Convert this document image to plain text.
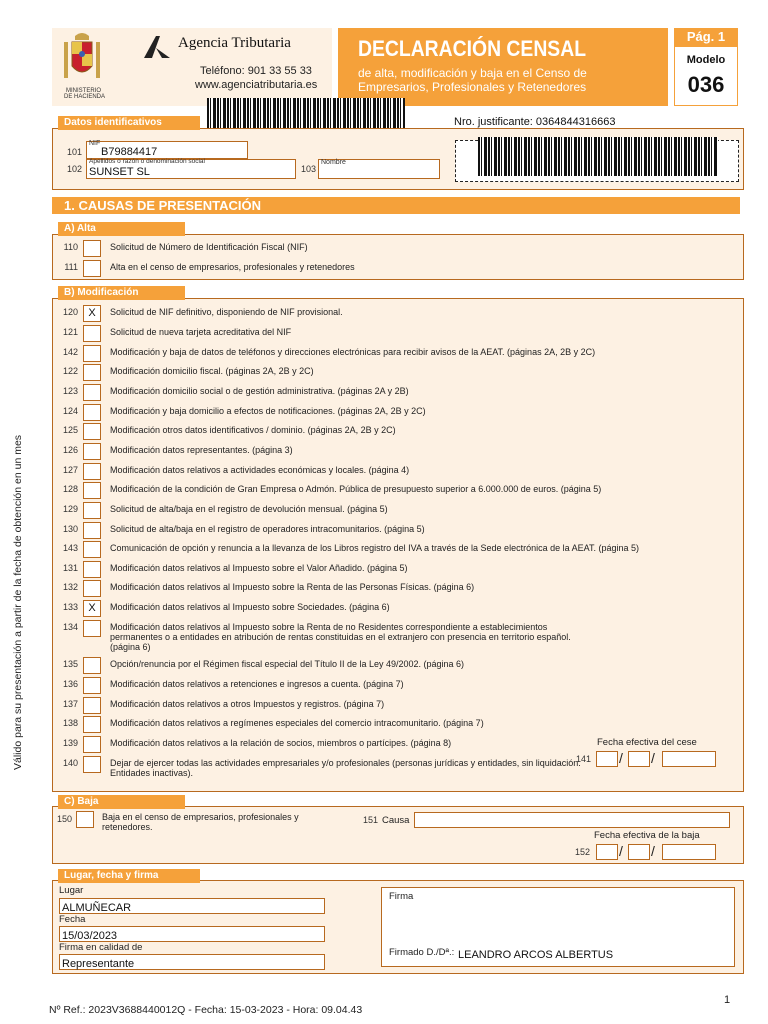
MINISTERIO
DE HACIENDA
Agencia Tributaria
Teléfono: 901 33 55 33
www.agenciatributaria.es
DECLARACIÓN CENSAL
de alta, modificación y baja en el Censo de Empresarios, Profesionales y Retenedores
Pág. 1
Modelo
036
Nro. justificante: 0364844316663
Datos identificativos
101
NIF
B79884417
102
Apellidos o razón o denominación social
SUNSET SL	103
Nombre
1. CAUSAS DE PRESENTACIÓN
A) Alta
110	Solicitud de Número de Identificación Fiscal (NIF)
111	Alta en el censo de empresarios, profesionales y retenedores
B) Modificación
120 X	Solicitud de NIF definitivo, disponiendo de NIF provisional.
121	Solicitud de nueva tarjeta acreditativa del NIF
142	Modificación y baja de datos de teléfonos y direcciones electrónicas para recibir avisos de la AEAT. (páginas 2A, 2B y 2C)
122	Modificación domicilio fiscal. (páginas 2A, 2B y 2C)
123	Modificación domicilio social o de gestión administrativa. (páginas 2A y 2B)
124	Modificación y baja domicilio a efectos de notificaciones. (páginas 2A, 2B y 2C)
125	Modificación otros datos identificativos / dominio. (páginas 2A, 2B y 2C)
126	Modificación datos representantes. (página 3)
127	Modificación datos relativos a actividades económicas y locales. (página 4)
128	Modificación de la condición de Gran Empresa o Admón. Pública de presupuesto superior a 6.000.000 de euros. (página 5)
129	Solicitud de alta/baja en el registro de devolución mensual. (página 5)
130	Solicitud de alta/baja en el registro de operadores intracomunitarios. (página 5)
143	Comunicación de opción y renuncia a la llevanza de los Libros registro del IVA a través de la Sede electrónica de la AEAT. (página 5)
131	Modificación datos relativos al Impuesto sobre el Valor Añadido. (página 5)
132	Modificación datos relativos al Impuesto sobre la Renta de las Personas Físicas. (página 6)
133 X	Modificación datos relativos al Impuesto sobre Sociedades. (página 6)
134	Modificación datos relativos al Impuesto sobre la Renta de no Residentes correspondiente a establecimientos permanentes o a entidades en atribución de rentas constituidas en el extranjero con presencia en territorio español. (página 6)
135	Opción/renuncia por el Régimen fiscal especial del Título II de la Ley 49/2002. (página 6)
136	Modificación datos relativos a retenciones e ingresos a cuenta. (página 7)
137	Modificación datos relativos a otros Impuestos y registros. (página 7)
138	Modificación datos relativos a regímenes especiales del comercio intracomunitario. (página 7)
139	Modificación datos relativos a la relación de socios, miembros o partícipes. (página 8)
140	Dejar de ejercer todas las actividades empresariales y/o profesionales (personas jurídicas y entidades, sin liquidación. Entidades inactivas).
Fecha efectiva del cese
141 / /
C) Baja
150	Baja en el censo de empresarios, profesionales y retenedores.
151 Causa
Fecha efectiva de la baja
152 / /
Lugar, fecha y firma
Lugar
ALMUÑECAR
Fecha
15/03/2023
Firma en calidad de
Representante
Firma
Firmado D./Dª.: LEANDRO ARCOS ALBERTUS
Válido para su presentación a partir de la fecha de obtención en un mes
Nº Ref.: 2023V3688440012Q - Fecha: 15-03-2023 - Hora: 09.04.43
1
